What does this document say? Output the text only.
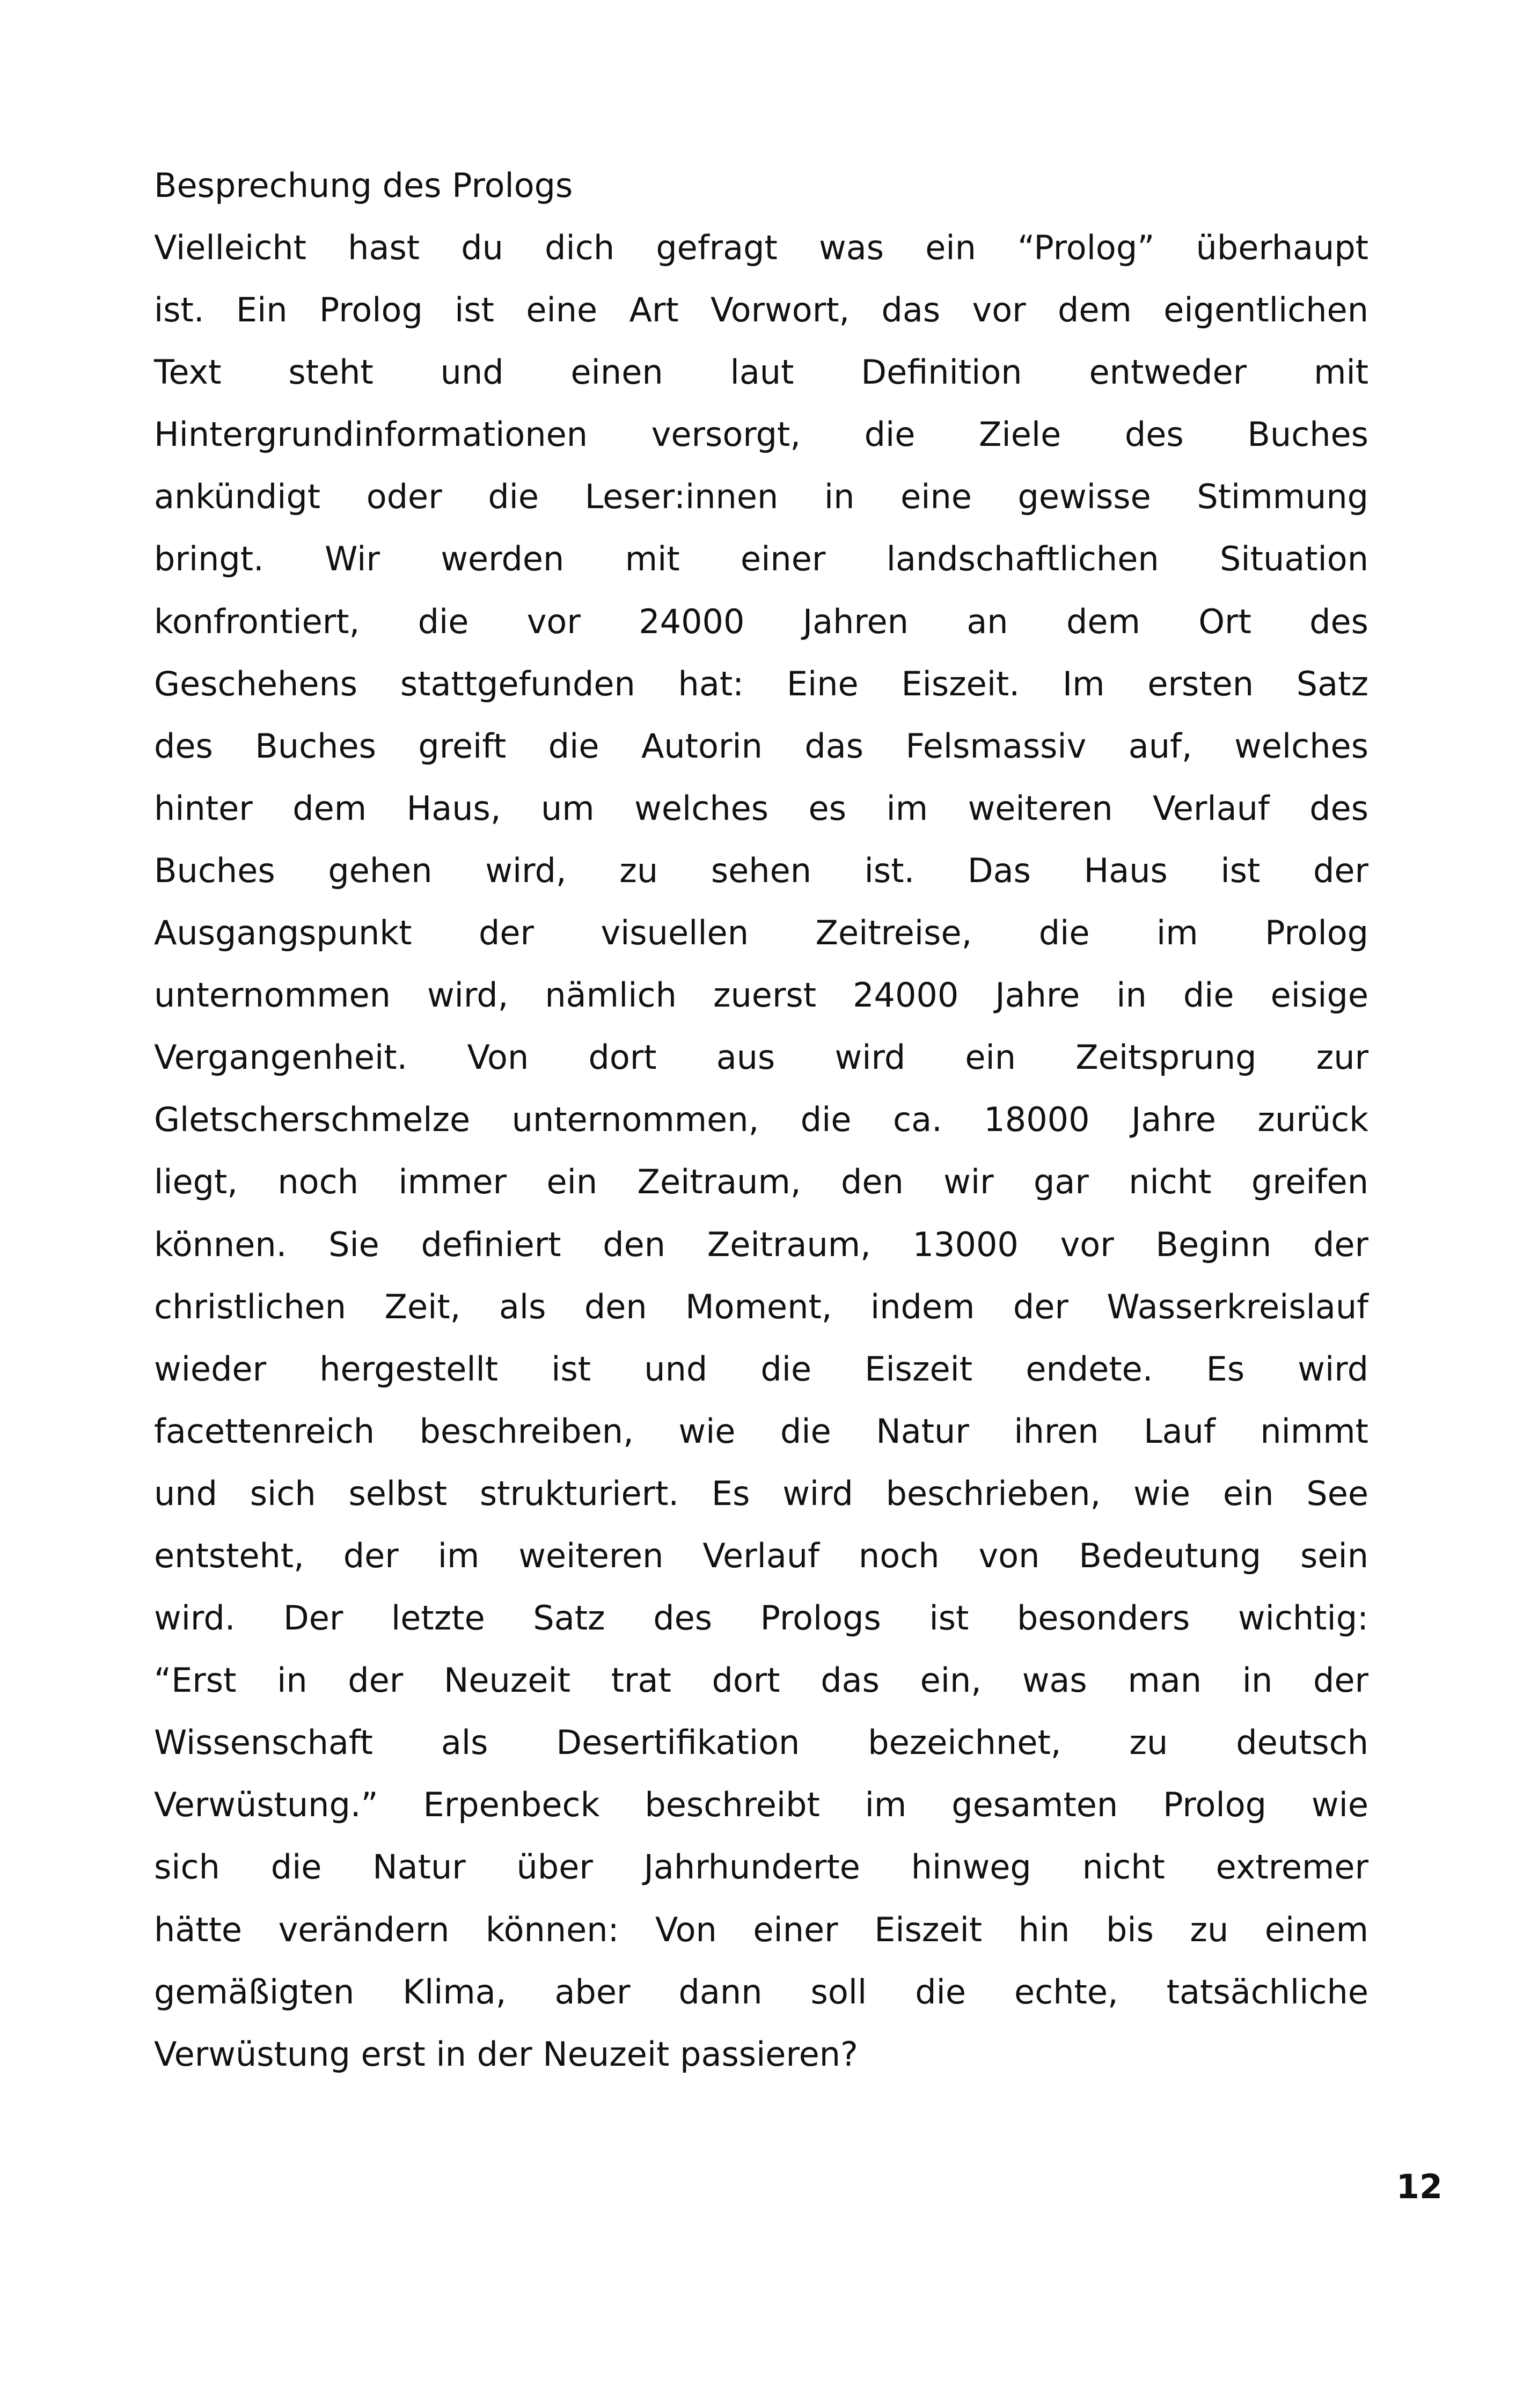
Besprechung des Prologs
Vielleicht hast du dich gefragt was ein “Prolog” überhaupt
ist. Ein Prolog ist eine Art Vorwort, das vor dem eigentlichen
Text steht und einen laut Definition entweder mit
Hintergrundinformationen versorgt, die Ziele des Buches
ankündigt oder die Leser:innen in eine gewisse Stimmung
bringt. Wir werden mit einer landschaftlichen Situation
konfrontiert, die vor 24000 Jahren an dem Ort des
Geschehens stattgefunden hat: Eine Eiszeit. Im ersten Satz
des Buches greift die Autorin das Felsmassiv auf, welches
hinter dem Haus, um welches es im weiteren Verlauf des
Buches gehen wird, zu sehen ist. Das Haus ist der
Ausgangspunkt der visuellen Zeitreise, die im Prolog
unternommen wird, nämlich zuerst 24000 Jahre in die eisige
Vergangenheit. Von dort aus wird ein Zeitsprung zur
Gletscherschmelze unternommen, die ca. 18000 Jahre zurück
liegt, noch immer ein Zeitraum, den wir gar nicht greifen
können. Sie definiert den Zeitraum, 13000 vor Beginn der
christlichen Zeit, als den Moment, indem der Wasserkreislauf
wieder hergestellt ist und die Eiszeit endete. Es wird
facettenreich beschreiben, wie die Natur ihren Lauf nimmt
und sich selbst strukturiert. Es wird beschrieben, wie ein See
entsteht, der im weiteren Verlauf noch von Bedeutung sein
wird. Der letzte Satz des Prologs ist besonders wichtig:
“Erst in der Neuzeit trat dort das ein, was man in der
Wissenschaft als Desertifikation bezeichnet, zu deutsch
Verwüstung.” Erpenbeck beschreibt im gesamten Prolog wie
sich die Natur über Jahrhunderte hinweg nicht extremer
hätte verändern können: Von einer Eiszeit hin bis zu einem
gemäßigten Klima, aber dann soll die echte, tatsächliche
Verwüstung erst in der Neuzeit passieren?
12
